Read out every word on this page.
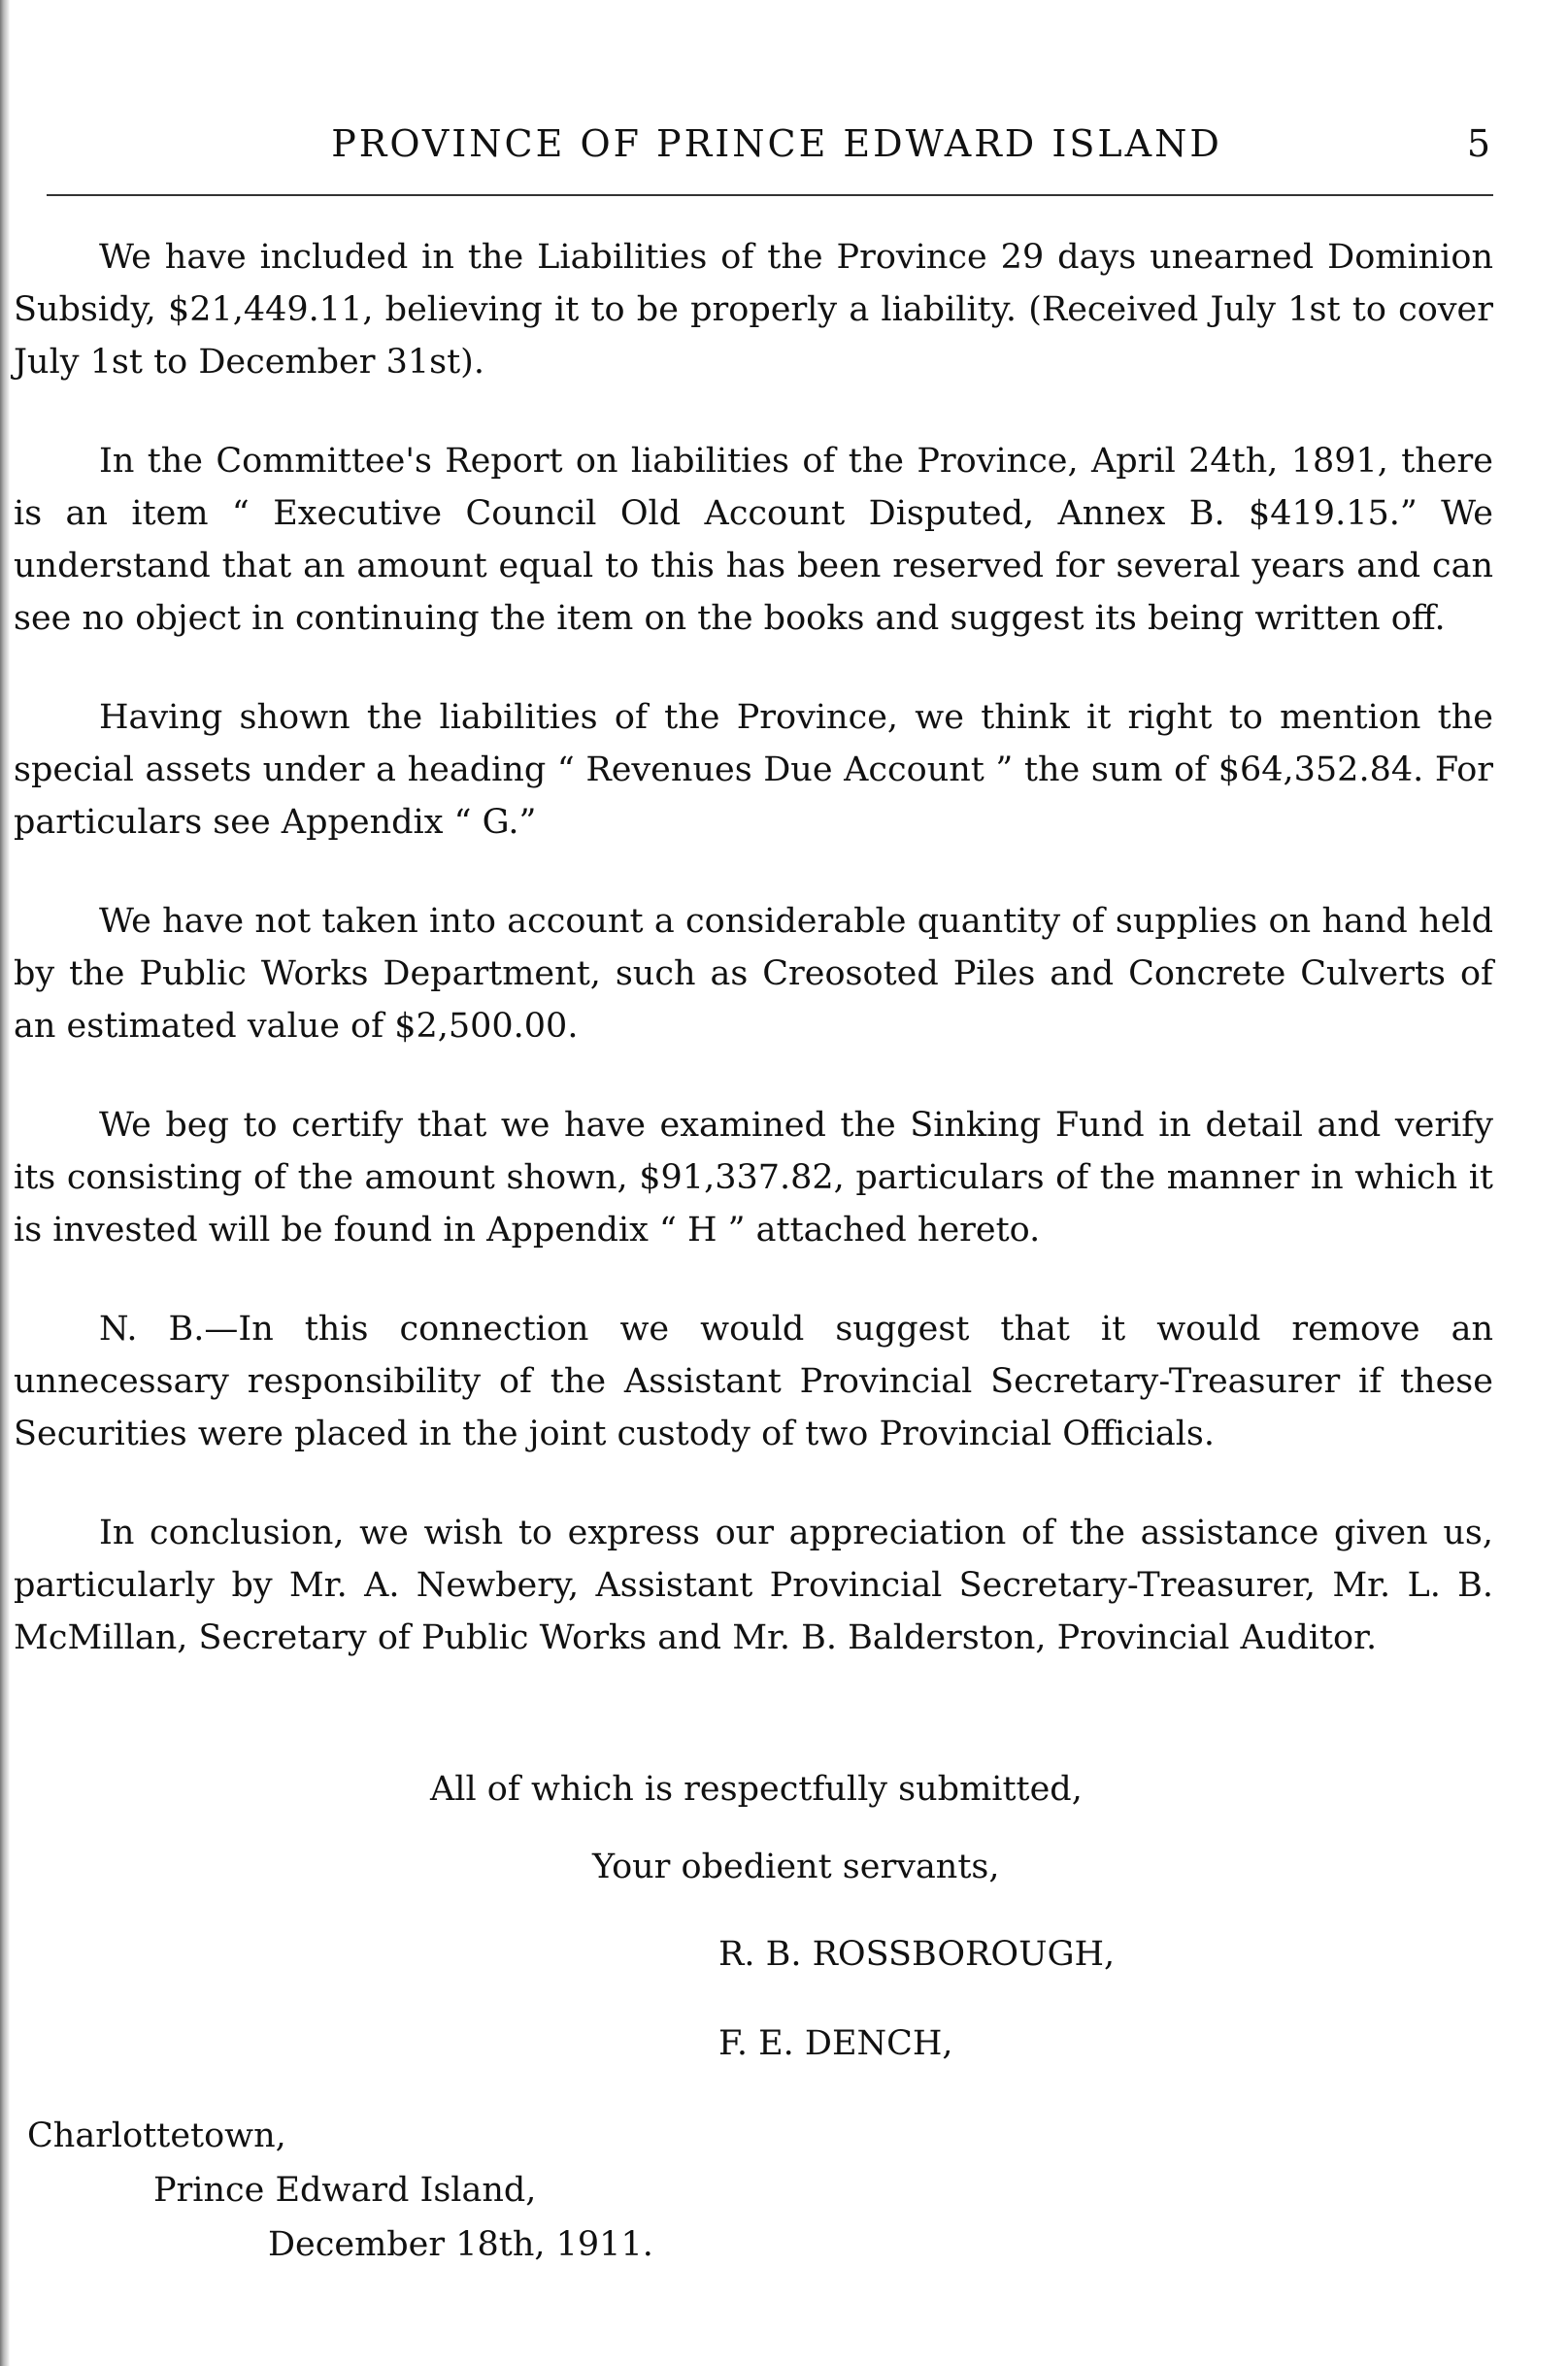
PROVINCE OF PRINCE EDWARD ISLAND	5

We have included in the Liabilities of the Province 29 days unearned Dominion Subsidy, $21,449.11, believing it to be properly a liability. (Received July 1st to cover July 1st to December 31st).

In the Committee's Report on liabilities of the Province, April 24th, 1891, there is an item “ Executive Council Old Account Disputed, Annex B. $419.15.” We understand that an amount equal to this has been reserved for several years and can see no object in continuing the item on the books and suggest its being written off.

Having shown the liabilities of the Province, we think it right to mention the special assets under a heading “ Revenues Due Account ” the sum of $64,352.84. For particulars see Appendix “ G.”

We have not taken into account a considerable quantity of supplies on hand held by the Public Works Department, such as Creosoted Piles and Concrete Culverts of an estimated value of $2,500.00.

We beg to certify that we have examined the Sinking Fund in detail and verify its consisting of the amount shown, $91,337.82, particulars of the manner in which it is invested will be found in Appendix “ H ” attached hereto.

N. B.—In this connection we would suggest that it would remove an unnecessary responsibility of the Assistant Provincial Secretary-Treasurer if these Securities were placed in the joint custody of two Provincial Officials.

In conclusion, we wish to express our appreciation of the assistance given us, particularly by Mr. A. Newbery, Assistant Provincial Secretary-Treasurer, Mr. L. B. McMillan, Secretary of Public Works and Mr. B. Balderston, Provincial Auditor.

All of which is respectfully submitted,
Your obedient servants,
R. B. ROSSBOROUGH,
F. E. DENCH,
Charlottetown,
Prince Edward Island,
December 18th, 1911.
